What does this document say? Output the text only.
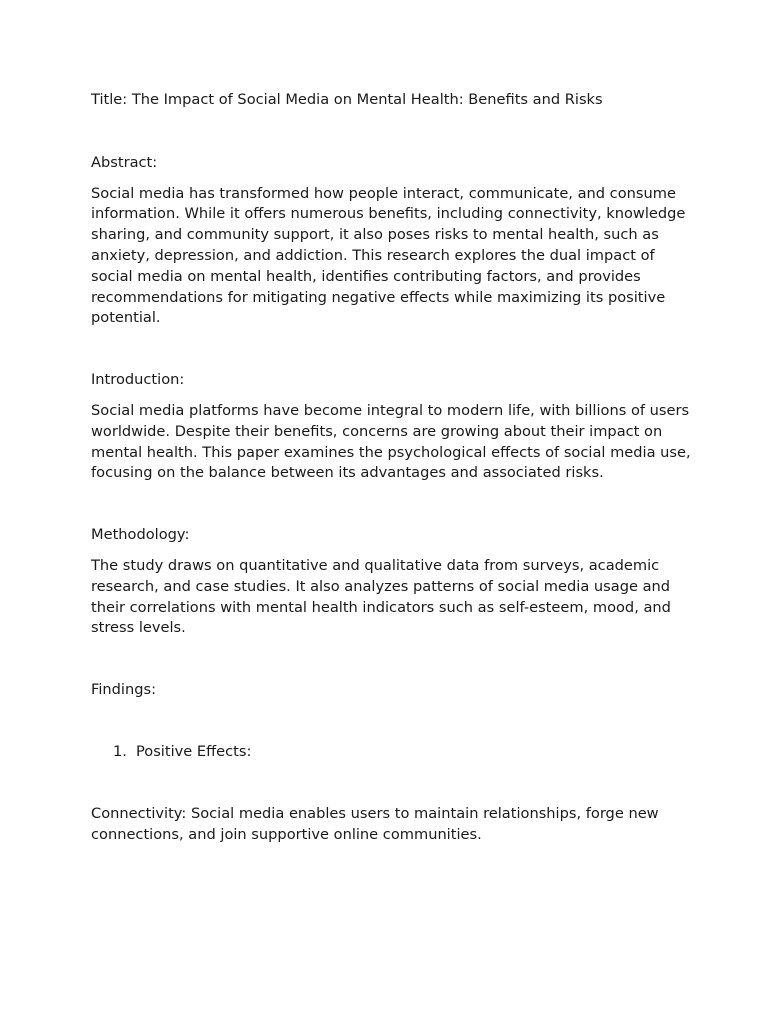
Title: The Impact of Social Media on Mental Health: Benefits and Risks

Abstract:

Social media has transformed how people interact, communicate, and consume information. While it offers numerous benefits, including connectivity, knowledge sharing, and community support, it also poses risks to mental health, such as anxiety, depression, and addiction. This research explores the dual impact of social media on mental health, identifies contributing factors, and provides recommendations for mitigating negative effects while maximizing its positive potential.

Introduction:

Social media platforms have become integral to modern life, with billions of users worldwide. Despite their benefits, concerns are growing about their impact on mental health. This paper examines the psychological effects of social media use, focusing on the balance between its advantages and associated risks.

Methodology:

The study draws on quantitative and qualitative data from surveys, academic research, and case studies. It also analyzes patterns of social media usage and their correlations with mental health indicators such as self-esteem, mood, and stress levels.

Findings:

1. Positive Effects:

Connectivity: Social media enables users to maintain relationships, forge new connections, and join supportive online communities.
